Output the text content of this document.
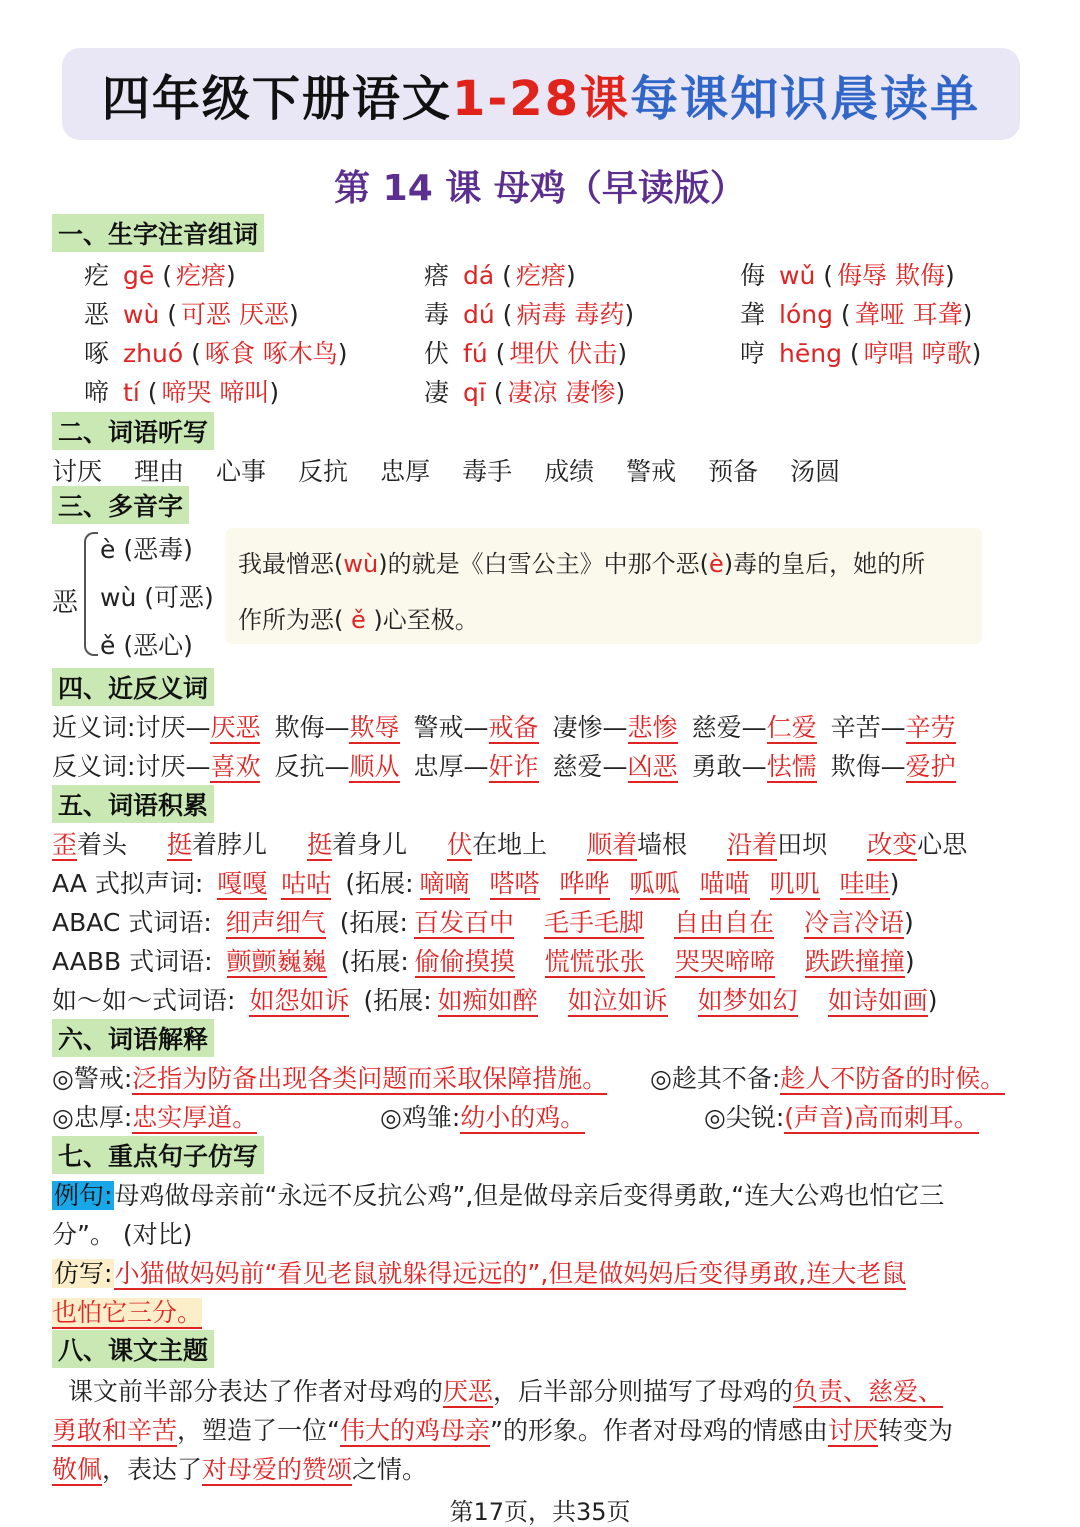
四年级下册语文 1-28课 每课知识晨读单
第 14 课 母鸡（早读版）
一、生字注音组词
疙 gē ( 疙瘩)	瘩 dá ( 疙瘩)	侮 wǔ ( 侮辱 欺侮)
恶 wù ( 可恶 厌恶)	毒 dú ( 病毒 毒药)	聋 lóng ( 聋哑 耳聋)
啄 zhuó ( 啄食 啄木鸟)	伏 fú ( 埋伏 伏击)	哼 hēng ( 哼唱 哼歌)
啼 tí ( 啼哭 啼叫)	凄 qī ( 凄凉 凄惨)
二、词语听写
讨厌 理由 心事 反抗 忠厚 毒手 成绩 警戒 预备 汤圆
三、多音字
恶
è (恶毒)
wù (可恶)
ě (恶心)
我最憎恶(wù)的就是《白雪公主》中那个恶(è)毒的皇后，她的所
作所为恶( ě )心至极。
四、近反义词
近义词:讨厌—厌恶 欺侮—欺辱 警戒—戒备 凄惨—悲惨 慈爱—仁爱 辛苦—辛劳
反义词:讨厌—喜欢 反抗—顺从 忠厚—奸诈 慈爱—凶恶 勇敢—怯懦 欺侮—爱护
五、词语积累
歪着头 挺着脖儿 挺着身儿 伏在地上 顺着墙根 沿着田坝 改变心思
AA 式拟声词: 嘎嘎 咕咕 (拓展: 嘀嘀 嗒嗒 哗哗 呱呱 喵喵 叽叽 哇哇)
ABAC 式词语: 细声细气 (拓展: 百发百中 毛手毛脚 自由自在 冷言冷语)
AABB 式词语: 颤颤巍巍 (拓展: 偷偷摸摸 慌慌张张 哭哭啼啼 跌跌撞撞)
如～如～式词语: 如怨如诉 (拓展: 如痴如醉 如泣如诉 如梦如幻 如诗如画)
六、词语解释
◎警戒:泛指为防备出现各类问题而采取保障措施。 ◎趁其不备:趁人不防备的时候。
◎忠厚:忠实厚道。	◎鸡雏:幼小的鸡。	◎尖锐:(声音)高而刺耳。
七、重点句子仿写
例句:母鸡做母亲前“永远不反抗公鸡”,但是做母亲后变得勇敢,“连大公鸡也怕它三
分”。 (对比)
仿写:小猫做妈妈前“看见老鼠就躲得远远的”,但是做妈妈后变得勇敢,连大老鼠
也怕它三分。
八、课文主题
课文前半部分表达了作者对母鸡的厌恶，后半部分则描写了母鸡的负责、慈爱、
勇敢和辛苦，塑造了一位“伟大的鸡母亲”的形象。作者对母鸡的情感由讨厌转变为
敬佩，表达了对母爱的赞颂之情。
第17页，共35页
